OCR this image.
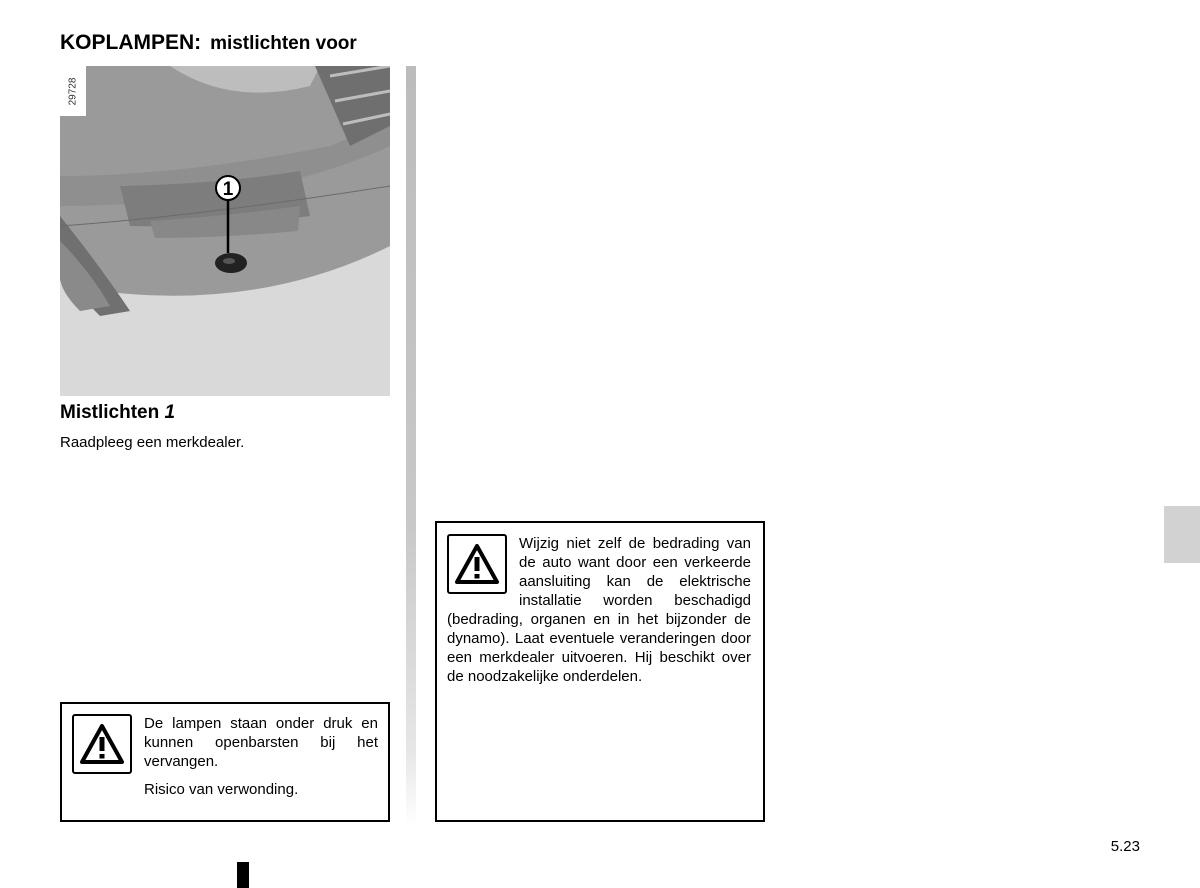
KOPLAMPEN: mistlichten voor
1
29728
Mistlichten 1

Raadpleeg een merkdealer.

De lampen staan onder druk en kunnen openbarsten bij het vervangen.

Risico van verwonding.

Wijzig niet zelf de bedrading van de auto want door een verkeerde aansluiting kan de elektrische installatie worden beschadigd (bedrading, organen en in het bijzonder de dynamo). Laat eventuele veranderingen door een merkdealer uitvoeren. Hij beschikt over de noodzakelijke onderdelen.

5.23
